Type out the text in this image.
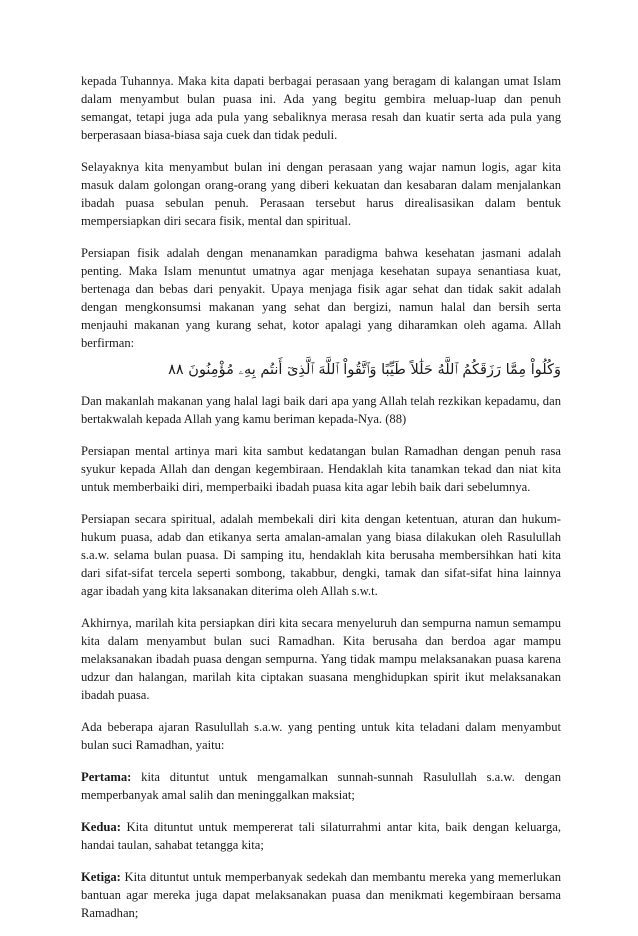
kepada Tuhannya. Maka kita dapati berbagai perasaan yang beragam di kalangan umat Islam dalam menyambut bulan puasa ini. Ada yang begitu gembira meluap-luap dan penuh semangat, tetapi juga ada pula yang sebaliknya merasa resah dan kuatir serta ada pula yang berperasaan biasa-biasa saja cuek dan tidak peduli.

Selayaknya kita menyambut bulan ini dengan perasaan yang wajar namun logis, agar kita masuk dalam golongan orang-orang yang diberi kekuatan dan kesabaran dalam menjalankan ibadah puasa sebulan penuh. Perasaan tersebut harus direalisasikan dalam bentuk mempersiapkan diri secara fisik, mental dan spiritual.

Persiapan fisik adalah dengan menanamkan paradigma bahwa kesehatan jasmani adalah penting. Maka Islam menuntut umatnya agar menjaga kesehatan supaya senantiasa kuat, bertenaga dan bebas dari penyakit. Upaya menjaga fisik agar sehat dan tidak sakit adalah dengan mengkonsumsi makanan yang sehat dan bergizi, namun halal dan bersih serta menjauhi makanan yang kurang sehat, kotor apalagi yang diharamkan oleh agama. Allah berfirman:

وَكُلُواْ مِمَّا رَزَقَكُمُ ٱللَّهُ حَلَٰلاً طَيِّبًا وَٱتَّقُواْ ٱللَّهَ ٱلَّذِىٓ أَنتُم بِهِۦ مُؤْمِنُونَ ٨٨

Dan makanlah makanan yang halal lagi baik dari apa yang Allah telah rezkikan kepadamu, dan bertakwalah kepada Allah yang kamu beriman kepada-Nya. (88)

Persiapan mental artinya mari kita sambut kedatangan bulan Ramadhan dengan penuh rasa syukur kepada Allah dan dengan kegembiraan. Hendaklah kita tanamkan tekad dan niat kita untuk memberbaiki diri, memperbaiki ibadah puasa kita agar lebih baik dari sebelumnya.

Persiapan secara spiritual, adalah membekali diri kita dengan ketentuan, aturan dan hukum-hukum puasa, adab dan etikanya serta amalan-amalan yang biasa dilakukan oleh Rasulullah s.a.w. selama bulan puasa. Di samping itu, hendaklah kita berusaha membersihkan hati kita dari sifat-sifat tercela seperti sombong, takabbur, dengki, tamak dan sifat-sifat hina lainnya agar ibadah yang kita laksanakan diterima oleh Allah s.w.t.

Akhirnya, marilah kita persiapkan diri kita secara menyeluruh dan sempurna namun semampu kita dalam menyambut bulan suci Ramadhan. Kita berusaha dan berdoa agar mampu melaksanakan ibadah puasa dengan sempurna. Yang tidak mampu melaksanakan puasa karena udzur dan halangan, marilah kita ciptakan suasana menghidupkan spirit ikut melaksanakan ibadah puasa.

Ada beberapa ajaran Rasulullah s.a.w. yang penting untuk kita teladani dalam menyambut bulan suci Ramadhan, yaitu:

Pertama: kita dituntut untuk mengamalkan sunnah-sunnah Rasulullah s.a.w. dengan memperbanyak amal salih dan meninggalkan maksiat;

Kedua: Kita dituntut untuk mempererat tali silaturrahmi antar kita, baik dengan keluarga, handai taulan, sahabat tetangga kita;

Ketiga: Kita dituntut untuk memperbanyak sedekah dan membantu mereka yang memerlukan bantuan agar mereka juga dapat melaksanakan puasa dan menikmati kegembiraan bersama Ramadhan;
